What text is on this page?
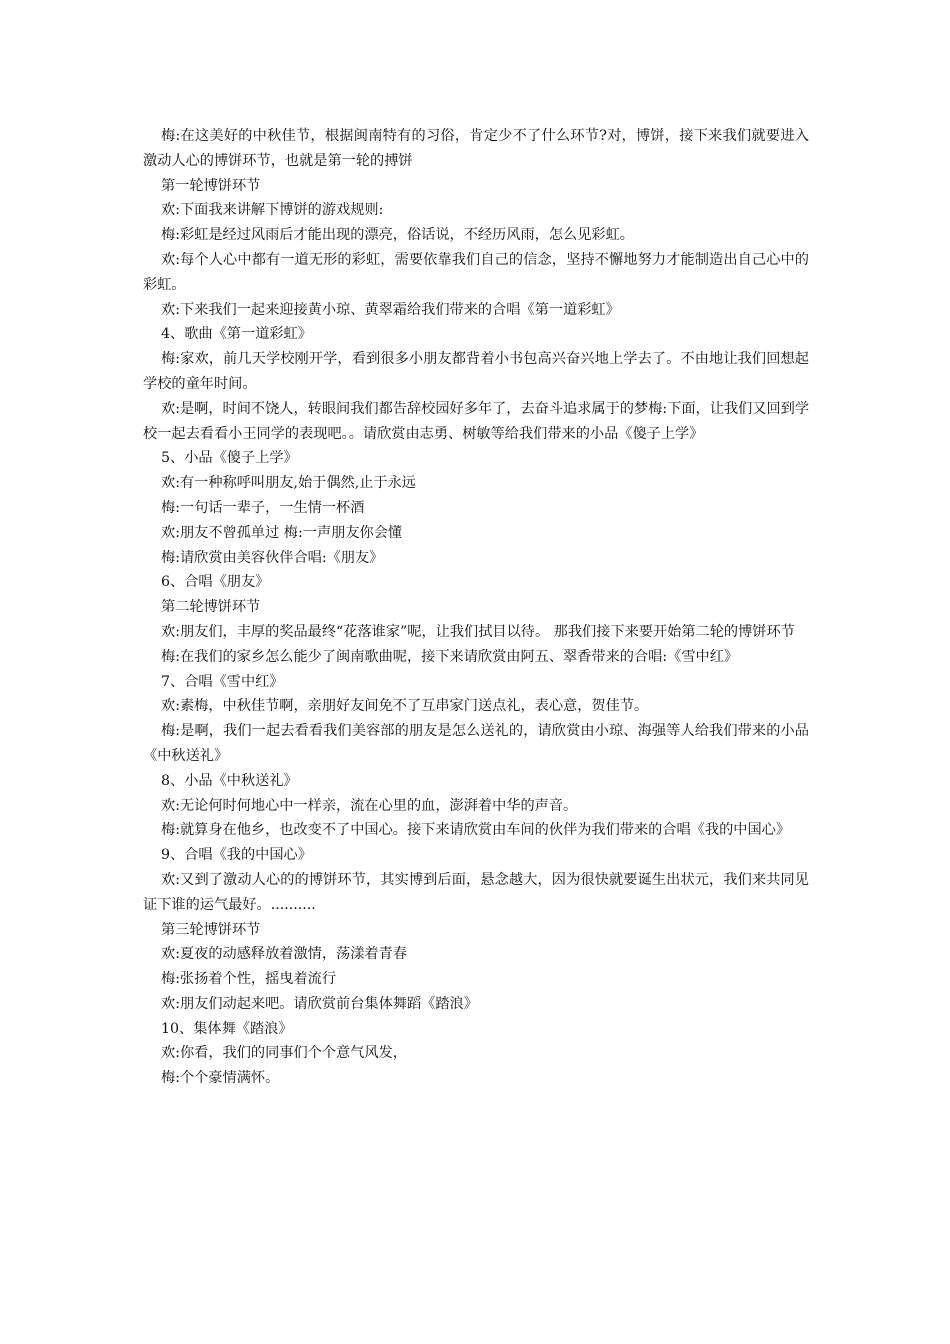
梅:在这美好的中秋佳节，根据闽南特有的习俗，肯定少不了什么环节?对，博饼，接下来我们就要进入激动人心的博饼环节，也就是第一轮的搏饼

第一轮博饼环节

欢:下面我来讲解下博饼的游戏规则:

梅:彩虹是经过风雨后才能出现的漂亮，俗话说，不经历风雨，怎么见彩虹。

欢:每个人心中都有一道无形的彩虹，需要依靠我们自己的信念，坚持不懈地努力才能制造出自己心中的彩虹。

欢:下来我们一起来迎接黄小琼、黄翠霜给我们带来的合唱《第一道彩虹》

4、歌曲《第一道彩虹》

梅:家欢，前几天学校刚开学，看到很多小朋友都背着小书包高兴奋兴地上学去了。不由地让我们回想起学校的童年时间。

欢:是啊，时间不饶人，转眼间我们都告辞校园好多年了，去奋斗追求属于的梦梅:下面，让我们又回到学校一起去看看小王同学的表现吧。。请欣赏由志勇、树敏等给我们带来的小品《傻子上学》

5、小品《傻子上学》

欢:有一种称呼叫朋友,始于偶然,止于永远

梅:一句话一辈子，一生情一杯酒

欢:朋友不曾孤单过 梅:一声朋友你会懂

梅:请欣赏由美容伙伴合唱:《朋友》

6、合唱《朋友》

第二轮博饼环节

欢:朋友们，丰厚的奖品最终“花落谁家”呢，让我们拭目以待。 那我们接下来要开始第二轮的博饼环节

梅:在我们的家乡怎么能少了闽南歌曲呢，接下来请欣赏由阿五、翠香带来的合唱:《雪中红》

7、合唱《雪中红》

欢:素梅，中秋佳节啊，亲朋好友间免不了互串家门送点礼，表心意，贺佳节。

梅:是啊，我们一起去看看我们美容部的朋友是怎么送礼的，请欣赏由小琼、海强等人给我们带来的小品《中秋送礼》

8、小品《中秋送礼》

欢:无论何时何地心中一样亲，流在心里的血，澎湃着中华的声音。

梅:就算身在他乡，也改变不了中国心。接下来请欣赏由车间的伙伴为我们带来的合唱《我的中国心》

9、合唱《我的中国心》

欢:又到了激动人心的的博饼环节，其实博到后面，悬念越大，因为很快就要诞生出状元，我们来共同见证下谁的运气最好。..........

第三轮博饼环节

欢:夏夜的动感释放着激情，荡漾着青春

梅:张扬着个性，摇曳着流行

欢:朋友们动起来吧。请欣赏前台集体舞蹈《踏浪》

10、集体舞《踏浪》

欢:你看，我们的同事们个个意气风发，

梅:个个豪情满怀。
